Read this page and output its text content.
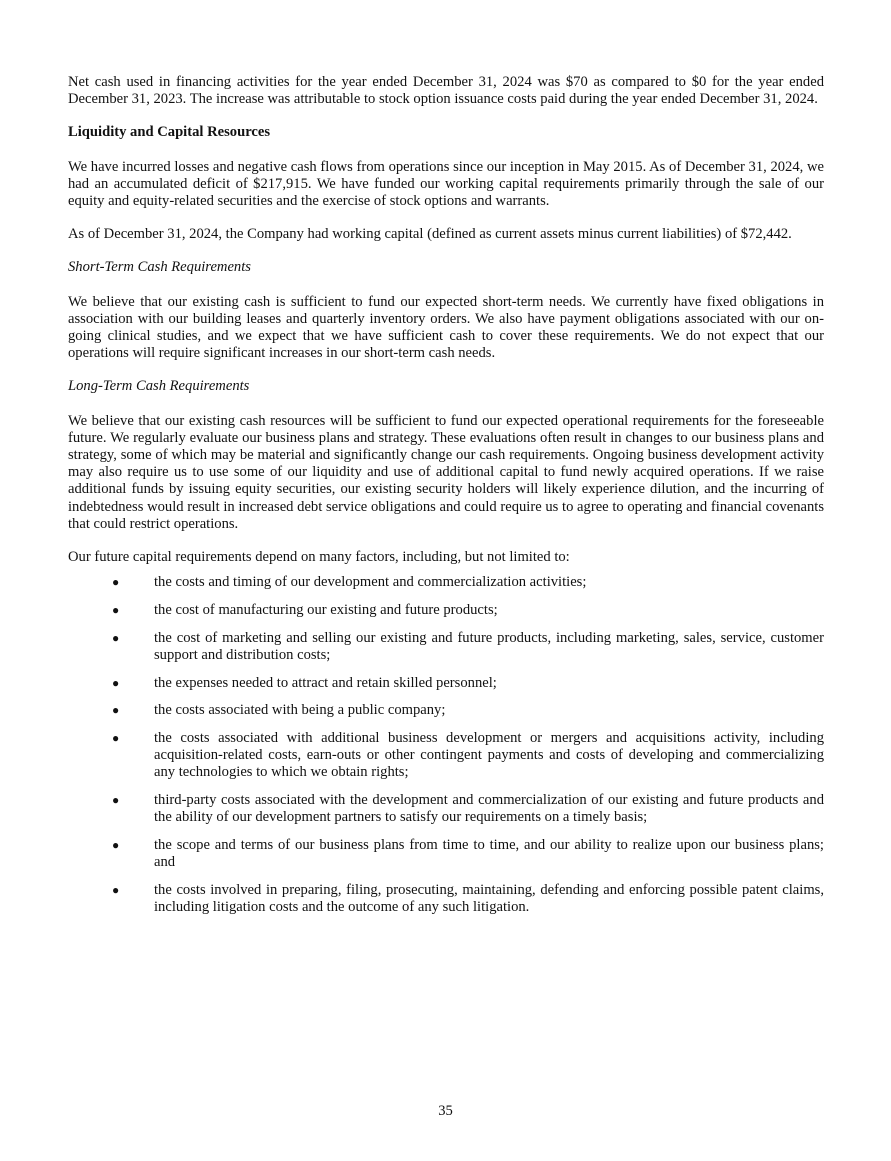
Net cash used in financing activities for the year ended December 31, 2024 was $70 as compared to $0 for the year ended December 31, 2023. The increase was attributable to stock option issuance costs paid during the year ended December 31, 2024.

Liquidity and Capital Resources

We have incurred losses and negative cash flows from operations since our inception in May 2015. As of December 31, 2024, we had an accumulated deficit of $217,915. We have funded our working capital requirements primarily through the sale of our equity and equity-related securities and the exercise of stock options and warrants.

As of December 31, 2024, the Company had working capital (defined as current assets minus current liabilities) of $72,442.

Short-Term Cash Requirements

We believe that our existing cash is sufficient to fund our expected short-term needs. We currently have fixed obligations in association with our building leases and quarterly inventory orders. We also have payment obligations associated with our on-going clinical studies, and we expect that we have sufficient cash to cover these requirements. We do not expect that our operations will require significant increases in our short-term cash needs.

Long-Term Cash Requirements

We believe that our existing cash resources will be sufficient to fund our expected operational requirements for the foreseeable future. We regularly evaluate our business plans and strategy. These evaluations often result in changes to our business plans and strategy, some of which may be material and significantly change our cash requirements. Ongoing business development activity may also require us to use some of our liquidity and use of additional capital to fund newly acquired operations. If we raise additional funds by issuing equity securities, our existing security holders will likely experience dilution, and the incurring of indebtedness would result in increased debt service obligations and could require us to agree to operating and financial covenants that could restrict operations.

Our future capital requirements depend on many factors, including, but not limited to:

● the costs and timing of our development and commercialization activities;
● the cost of manufacturing our existing and future products;
● the cost of marketing and selling our existing and future products, including marketing, sales, service, customer support and distribution costs;
● the expenses needed to attract and retain skilled personnel;
● the costs associated with being a public company;
● the costs associated with additional business development or mergers and acquisitions activity, including acquisition-related costs, earn-outs or other contingent payments and costs of developing and commercializing any technologies to which we obtain rights;
● third-party costs associated with the development and commercialization of our existing and future products and the ability of our development partners to satisfy our requirements on a timely basis;
● the scope and terms of our business plans from time to time, and our ability to realize upon our business plans; and
● the costs involved in preparing, filing, prosecuting, maintaining, defending and enforcing possible patent claims, including litigation costs and the outcome of any such litigation.
35
